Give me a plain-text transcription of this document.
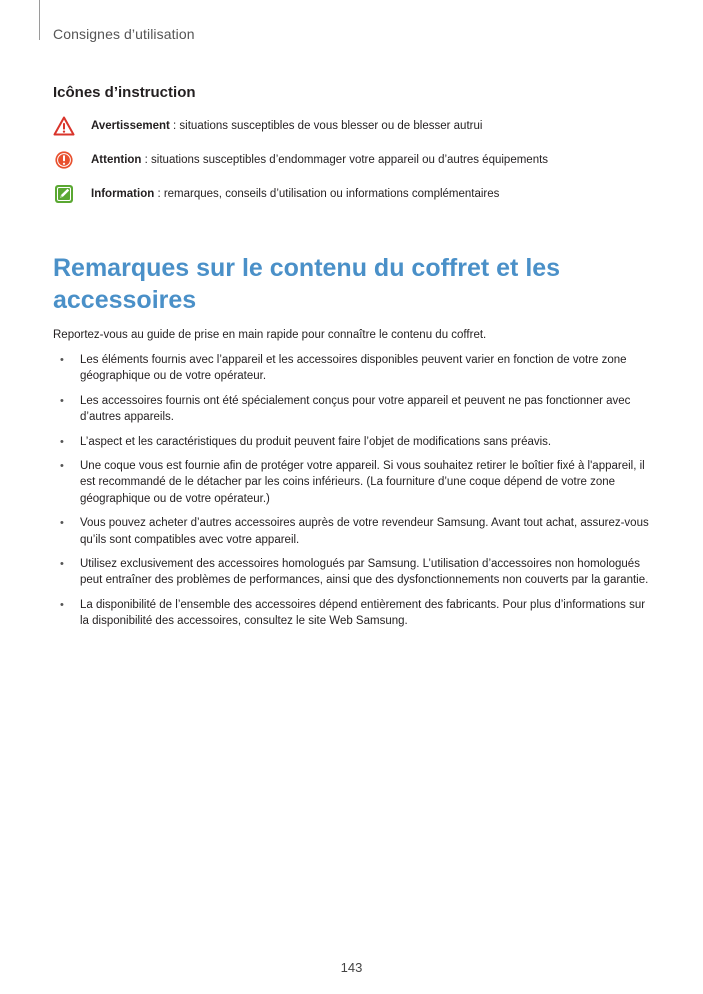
Consignes d’utilisation
Icônes d’instruction
Avertissement : situations susceptibles de vous blesser ou de blesser autrui
Attention : situations susceptibles d’endommager votre appareil ou d’autres équipements
Information : remarques, conseils d’utilisation ou informations complémentaires
Remarques sur le contenu du coffret et les accessoires
Reportez-vous au guide de prise en main rapide pour connaître le contenu du coffret.
• Les éléments fournis avec l’appareil et les accessoires disponibles peuvent varier en fonction de votre zone géographique ou de votre opérateur.
• Les accessoires fournis ont été spécialement conçus pour votre appareil et peuvent ne pas fonctionner avec d’autres appareils.
• L’aspect et les caractéristiques du produit peuvent faire l’objet de modifications sans préavis.
• Une coque vous est fournie afin de protéger votre appareil. Si vous souhaitez retirer le boîtier fixé à l'appareil, il est recommandé de le détacher par les coins inférieurs. (La fourniture d’une coque dépend de votre zone géographique ou de votre opérateur.)
• Vous pouvez acheter d’autres accessoires auprès de votre revendeur Samsung. Avant tout achat, assurez-vous qu’ils sont compatibles avec votre appareil.
• Utilisez exclusivement des accessoires homologués par Samsung. L’utilisation d’accessoires non homologués peut entraîner des problèmes de performances, ainsi que des dysfonctionnements non couverts par la garantie.
• La disponibilité de l’ensemble des accessoires dépend entièrement des fabricants. Pour plus d’informations sur la disponibilité des accessoires, consultez le site Web Samsung.
143
